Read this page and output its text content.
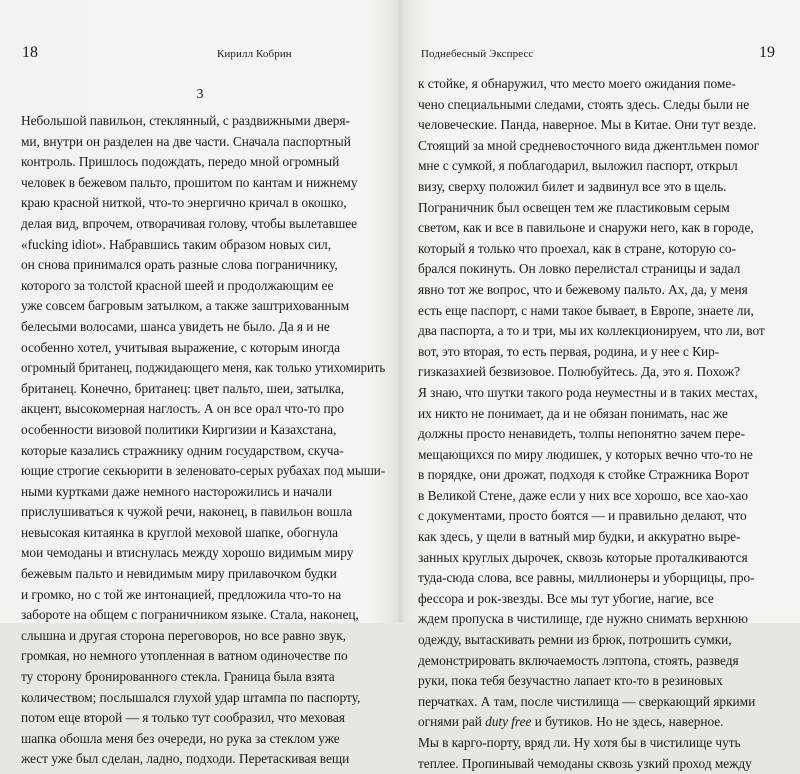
18	Кирилл Кобрин
3
Небольшой павильон, стеклянный, с раздвижными дверя-
ми, внутри он разделен на две части. Сначала паспортный
контроль. Пришлось подождать, передо мной огромный
человек в бежевом пальто, прошитом по кантам и нижнему
краю красной ниткой, что-то энергично кричал в окошко,
делая вид, впрочем, отворачивая голову, чтобы вылетавшее
«fucking idiot». Набравшись таким образом новых сил,
он снова принимался орать разные слова пограничнику,
которого за толстой красной шеей и продолжающим ее
уже совсем багровым затылком, а также заштрихованным
белесыми волосами, шанса увидеть не было. Да я и не
особенно хотел, учитывая выражение, с которым иногда
огромный британец, поджидающего меня, как только утихомирить
британец. Конечно, британец: цвет пальто, шеи, затылка,
акцент, высокомерная наглость. А он все орал что-то про
особенности визовой политики Киргизии и Казахстана,
которые казались стражнику одним государством, скуча-
ющие строгие секьюрити в зеленовато-серых рубахах под мыши-
ными куртками даже немного насторожились и начали
прислушиваться к чужой речи, наконец, в павильон вошла
невысокая китаянка в круглой меховой шапке, обогнула
мои чемоданы и втиснулась между хорошо видимым миру
бежевым пальто и невидимым миру прилавочком будки
и громко, но с той же интонацией, предложила что-то на
забороте на общем с пограничником языке. Стала, наконец,
слышна и другая сторона переговоров, но все равно звук,
громкая, но немного утопленная в ватном одиночестве по
ту сторону бронированного стекла. Граница была взята
количеством; послышался глухой удар штампа по паспорту,
потом еще второй — я только тут сообразил, что меховая
шапка обошла меня без очереди, но рука за стеклом уже
жест уже был сделан, ладно, подходи. Перетаскивая вещи
Поднебесный Экспресс	19
к стойке, я обнаружил, что место моего ожидания поме-
чено специальными следами, стоять здесь. Следы были не
человеческие. Панда, наверное. Мы в Китае. Они тут везде.
Стоящий за мной средневосточного вида джентльмен помог
мне с сумкой, я поблагодарил, выложил паспорт, открыл
визу, сверху положил билет и задвинул все это в щель.
Пограничник был освещен тем же пластиковым серым
светом, как и все в павильоне и снаружи него, как в городе,
который я только что проехал, как в стране, которую со-
брался покинуть. Он ловко перелистал страницы и задал
явно тот же вопрос, что и бежевому пальто. Ах, да, у меня
есть еще паспорт, с нами такое бывает, в Европе, знаете ли,
два паспорта, а то и три, мы их коллекционируем, что ли, вот
вот, это вторая, то есть первая, родина, и у нее с Кир-
гизказахией безвизовое. Полюбуйтесь. Да, это я. Похож?
Я знаю, что шутки такого рода неуместны и в таких местах,
их никто не понимает, да и не обязан понимать, нас же
должны просто ненавидеть, толпы непонятно зачем пере-
мещающихся по миру людишек, у которых вечно что-то не
в порядке, они дрожат, подходя к стойке Стражника Ворот
в Великой Стене, даже если у них все хорошо, все хао-хао
с документами, просто боятся — и правильно делают, что
как здесь, у щели в ватный мир будки, и аккуратно выре-
занных круглых дырочек, сквозь которые проталкиваются
туда-сюда слова, все равны, миллионеры и уборщицы, про-
фессора и рок-звезды. Все мы тут убогие, нагие, все
ждем пропуска в чистилище, где нужно снимать верхнюю
одежду, вытаскивать ремни из брюк, потрошить сумки,
демонстрировать включаемость лэптопа, стоять, разведя
руки, пока тебя безучастно лапает кто-то в резиновых
перчатках. А там, после чистилища — сверкающий яркими
огнями рай duty free и бутиков. Но не здесь, наверное.
Мы в карго-порту, вряд ли. Ну хотя бы в чистилище чуть
теплее. Пропинывай чемоданы сквозь узкий проход между
